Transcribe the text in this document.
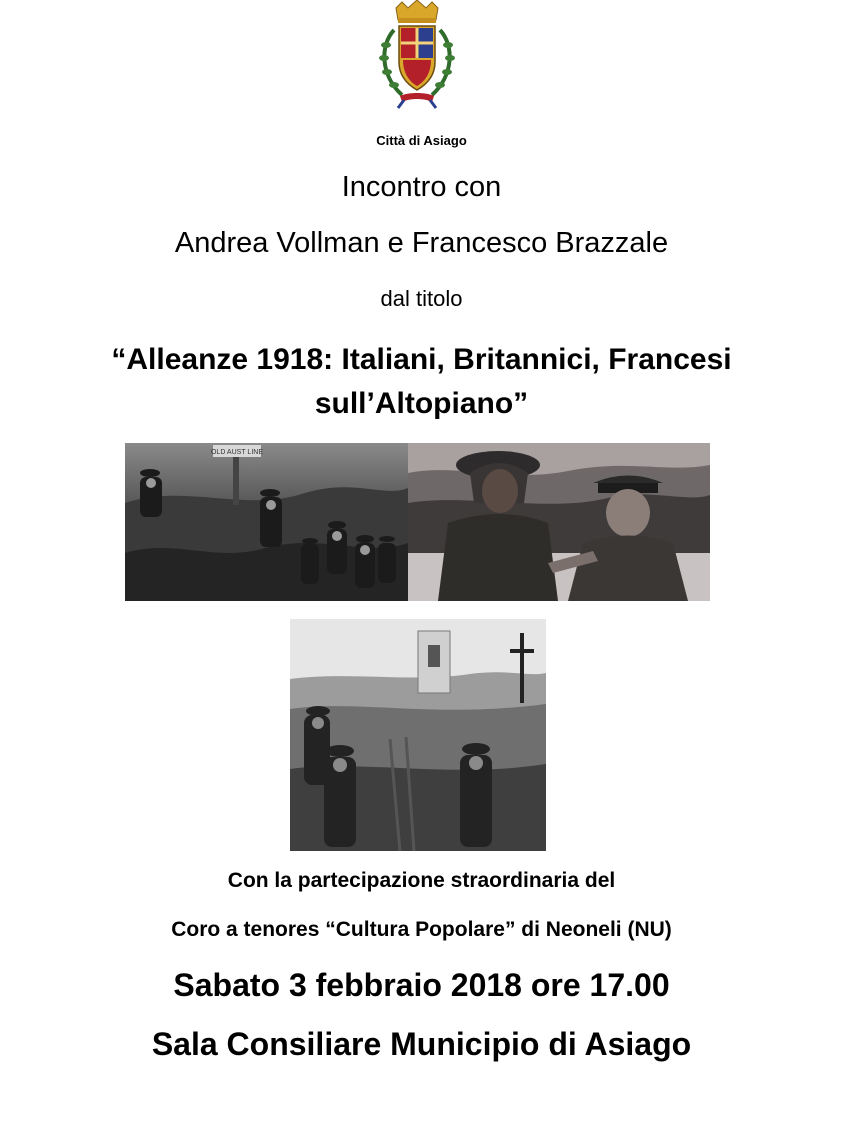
Città di Asiago
Incontro con
Andrea Vollman e Francesco Brazzale
dal titolo
“Alleanze 1918: Italiani, Britannici, Francesi
sull’Altopiano”
OLD AUST LINE
Con la partecipazione straordinaria del
Coro a tenores “Cultura Popolare” di Neoneli (NU)
Sabato 3 febbraio 2018 ore 17.00
Sala Consiliare Municipio di Asiago
